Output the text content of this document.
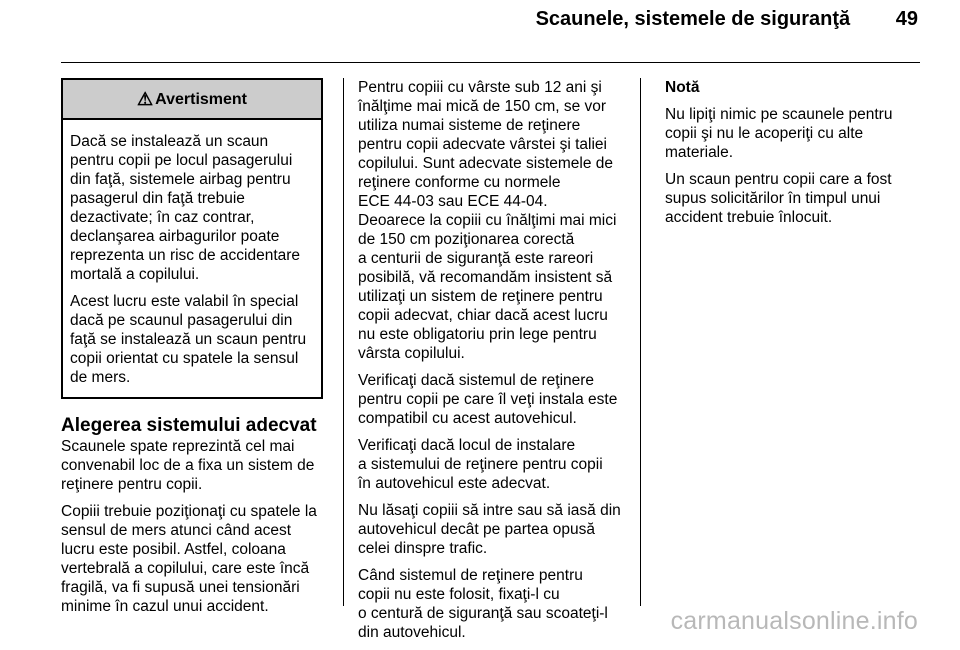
Scaunele, sistemele de siguranţă 49
⚠ Avertisment

Dacă se instalează un scaun
pentru copii pe locul pasagerului
din faţă, sistemele airbag pentru
pasagerul din faţă trebuie
dezactivate; în caz contrar,
declanşarea airbagurilor poate
reprezenta un risc de accidentare
mortală a copilului.

Acest lucru este valabil în special
dacă pe scaunul pasagerului din
faţă se instalează un scaun pentru
copii orientat cu spatele la sensul
de mers.

Alegerea sistemului adecvat

Scaunele spate reprezintă cel mai
convenabil loc de a fixa un sistem de
reţinere pentru copii.

Copiii trebuie poziţionaţi cu spatele la
sensul de mers atunci când acest
lucru este posibil. Astfel, coloana
vertebrală a copilului, care este încă
fragilă, va fi supusă unei tensionări
minime în cazul unui accident.

Pentru copiii cu vârste sub 12 ani şi
înălţime mai mică de 150 cm, se vor
utiliza numai sisteme de reţinere
pentru copii adecvate vârstei şi taliei
copilului. Sunt adecvate sistemele de
reţinere conforme cu normele
ECE 44-03 sau ECE 44-04.
Deoarece la copiii cu înălţimi mai mici
de 150 cm poziţionarea corectă
a centurii de siguranţă este rareori
posibilă, vă recomandăm insistent să
utilizaţi un sistem de reţinere pentru
copii adecvat, chiar dacă acest lucru
nu este obligatoriu prin lege pentru
vârsta copilului.

Verificaţi dacă sistemul de reţinere
pentru copii pe care îl veţi instala este
compatibil cu acest autovehicul.

Verificaţi dacă locul de instalare
a sistemului de reţinere pentru copii
în autovehicul este adecvat.

Nu lăsaţi copiii să intre sau să iasă din
autovehicul decât pe partea opusă
celei dinspre trafic.

Când sistemul de reţinere pentru
copii nu este folosit, fixaţi-l cu
o centură de siguranţă sau scoateţi-l
din autovehicul.

Notă

Nu lipiţi nimic pe scaunele pentru
copii şi nu le acoperiţi cu alte
materiale.

Un scaun pentru copii care a fost
supus solicitărilor în timpul unui
accident trebuie înlocuit.

carmanualsonline.info
